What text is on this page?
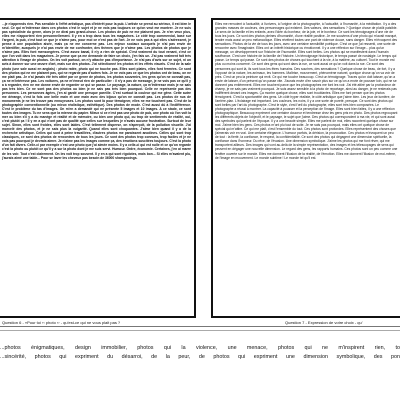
...je n'apprends rien. Pas sensible à l'effet artistique, pas d'intérêt pour la pub. L'artiste se prend au sérieux, il est bien le seul. Ce qui m'intéresse dans ces photos c'est le sujet et je ne vois pas toujours ce qu'on veut me montrer. Je ne suis pas spécialiste du genre, alors je ne dirai pas grand-chose. Les photos de pub ne me plaisent pas. Je n'en veux plus, elles me n'apportent rien personnellement. Il y en a trop dans tous les magazines. Le côté trop commercial, basé sur l'argent, la pub, c'est tout ce que je n'aime pas, pour moi ce n'est pas de l'art. Je ne vois pas à qui elles s'adressent, je pense à une population aisée, mais ça ne me concerne pas. Les enjeux sociaux auxquels je n'ai pas envie de m'identifier, auxquels je n'ai pas envie de me confronter, des thèmes que je n'aime pas. Les photos de photos que je n'aime pas. Elles font mensongères. C'est assez banal, il n'y a rien de spécial. C'est vraiment du tout venant, c'est ce que l'on voit dans les magazines. Je pense que ça me demande de faire un choix, j'en fais un. J'ai pas vraiment fait très attention à l'image de photos. On les voit partout, on n'y attache pas d'importance. Je n'ai pas d'avis sur ce sujet, ni un avis à donner sur une œuvre d'art, mais sur des photos. J'ai sélectionné les photos et les effets visuels. C'est de la sale photo (une sale aussi en anglais) : photo ratée, photo qui ne touche pas. Elles sont plates, elles font fermées. Ce sont des photos qui ne me plaisent pas, qui ne regarde pas d'autres fois. Je ne vois pas ce que les photos ont de beau, on ne me plait pas. Je n'ai jamais été très attiré par ce genre de photos, les photos souvenirs, les gens qu'on ne connaît pas, ça ne m'intéresse pas. Les voitures, ça ne m'émeut rien de particulier : il n'y a pas de message, je ne vois pas ce qu'il y a à regarder, rien ne me donne envie de regarder ce qui se passe. Le paysage, la nature, ça m'intéresse mais je ne sais pas très bien. Ce ne sont pas des photos ou bien je ne sais pas très bien pourquoi. Celle ne représente pas des personnes. Les personnes âgées, j'en ai gardé une presque pareille. C'est surtout la couleur qui me gêne. Cette autre me dérange, c'est la fois une belle main et une main avec des bijoux qu'on ne connaît pas. Les photos de nus de monuments je ne les trouve pas ennuyeuses. Les photos sont là pour témoigner, elles ne me touchent pas. C'est de la photographie conventionnelle (ou mieux réalistique, esthétique). Des photos de mode. C'est aussi dû à l'indifférence. C'est le problème du tas d'images. On m'en a demandé qui ne présente 5 images et 10 images. A ce stade, ce sont toutes des images. Tu ne sens que la mienne du papier. Mieux si ce n'est pas une photo de pub, une photo où l'on voit la mer ou bien s'il y a du manège et réalité et de mémoire, ou bien une photo qui, ou trop de sentiments de réalité, oui, c'est plutôt ça ! Il y en a qui n'ont pas de qualité que celles sur lesquelles je n'avais aucune frustration. Surtout de leur sujet. Sinon, elles sont froides, elles sont laides. C'est tellement disperse, on n'aperçoit, de la pollution visuelle. J'ai morcelé des photos, et je ne sais plus la vulgarité. Quand elles sont choquantes. J'aime bien quand il y a de la recherche artistique. Celles qui sont à peine travaillées, d'autres photos me paraissent anodines. Celles qui sont trop classiques, ce sont des photos de rencontres de tous les jours. Ce sont des photos trop connues, trop faciles et je ne vois pas pourquoi je devrais aimer. Je n'aime pas les images comme ça, des émotions suscitées toujours. C'est la photo d'un fait divers. Celle-ci par exemple c'est une photo que j'ai aimée moins. Il y a celle-ci qui est nulle et ce qu'on regarde c'est la photo ou plutôt ce qu'il y a sur la photo dont je me suis servi. Humour. Ordre, économie. Certaines, j'en ai marre de les voir. Tout c'est clairement. On les voit trop souvent. Il y en a qui sont rigolotes, mais bon... Si elles m'avaient plu, j'aurais aimé une table... Pour se laver les cheveux pas besoin de 36000 shampooings.

Elles me renvoient à l'actualité, à l'univers, à l'origine de la photographie, à l'actualité, à l'humanité, à la méditation. Il y a des grandes masses de couleurs, des personnages qui existent. Des valeurs, des sensations ? Quelque chose de plutôt paisible. Le sens de la famille et les enfants, avec l'idée du bonheur, de la joie, et le bonheur. Ce sont les témoignages d'une vie de tous les jours. Ce sont des photos pleines d'humanité, d'une réalité positive. Je me souviens d'une photo qui m'avait marqué, tendre mais aussi un peu mélancolique. Elles révèlent toutes une part de violence douce, sans danger. Elles m'évoquent des sensations. Photos de la vie de tous les jours, avec une certaine sensibilité poétique. C'est ce que j'ai ressenti, une sorte de rencontre avec l'imaginaire. Elles ont un intérêt historique ou émotionnel. Il y a une réflexion sur l'image... plus qu'un message, un développement sur l'histoire de l'humanité. Elles sont belles. Les photos qui se manifestent dans l'humain souffrance. C'est une histoire de la famille de l'histoire. Un témoignage historique, le temps passé de nostalgie. Le temps qui passe. Le temps qui passe. Ce sont des photos de choses qui touchent à la vie, à la matière, au culturel. Tout le monde est plus ou moins concerné. Ce sont des gens qui sont dans la rue, ce sont aussi ce qu'on voit dans la rue. Ce sont des personnes qui sont là, ils sont tous les êtres humains. Des sourires, des sensations ? Quelque chose de beau, de fort, il y a l'opposé de la nature, les animaux, les hommes. Maîtrise, mouvement, phénomène naturel, quelque chose qu'on va voir de près. C'est un peu la peinture qui revit. Ce qui me touche beaucoup. C'est un témoignage. Traces qu'on doit laisser, qu'on a envie de laisser, d'un présent qu'on passe vite. J'aurais envie d'en savoir plus sur ce qu'on a envie de pousser loin, qui ne se donnent pas entièrement. Elles me touchent parce que les photographes me font les voir. J'ai été attiré par la profondeur de champ, je ne sais pas vraiment pourquoi. Je suis assez sensible à la photo de reportage, ainsi au danger, je ne resterais pas indifférent devant ces images. Ça montre quelque chose, elles sont troublantes. Elles me font penser que les photos témoignent. C'est la spontanéité des gens. Un côté hyper réaliste, le côté artistique que j'aime bien. Les jeux de lumière, de l'arrière-plan. L'éclairage est important. Les couleurs, les noirs, il y a une sorte de pureté, presque. Ce sont des photos qui sont belles par l'art du photographe. C'est le style, c'est l'œil du photographe, elles sont très bien composées. Le photographe a réussi à montrer. La capacité à pousser et la perception de l'image. Elles sont bien faites, il y a une réflexion photographique. Beaucoup expriment une certaine douceur et tendresse chez les gens pris en photo. Des photos regroupant les différents objets de l'objectif, et le paysage, le sujet que j'aime. Des photos qui correspondent à ma vie, et qui sont aussi des symboles qui parlent de l'époque. Il y a une beauté simple. Elles me parlent de moi, elles racontent quelque chose sur moi. J'aime bien les gens. Ces photos m'ont plu tout de suite. Je ne sais pas pourquoi, mais elles ont quelque chose de spécial qui m'attire. Ce qui me plaît, c'est l'ensemble du tout. Ces photos sont profondes. Elles représentent des choses que j'aimerais voir en vrai. Une certaine élégance. L'humour parfois, la dérision, la provocation. Ces photos m'évoquent un peu de tout : la fierté, la confiance, le respect, la confidentialité. Ce sont des photos qui dégagent une dimension spirituelle, la confiance dans l'honneur. Du rêve, de l'évasion. Une dimension symbolique. J'aime les photos qui me font rêver, qui me transportent ailleurs. Des images qui vont au-delà de la simple représentation, des images et les télescopages de sens qui peuvent en dégager une nouvelle dimension. Le regard des gens, les rapports humains. Ces photos sont un peu comme une fenêtre ouverte sur le monde. Elles me donnent l'illusion de la réalité, de l'émotion. Elles me donnent l'illusion de moi-même, de l'image en mouvement. Le monde subtime ! Le monde tel qu'il est.

Question 6 - «Pour toi ‹‹ photo ›› - qu'est-ce qui ne vous plait pas ?	Question 7 - Expression de votre choix - qu'
...photos énigmatiques, design immobilier, photos qui la violence, une menace, photos qui ne m'inspirent rien, to
...sincérité, photos qui expriment du désarroi, de la peur, de photos qui expriment une dimension symbolique, des pon
